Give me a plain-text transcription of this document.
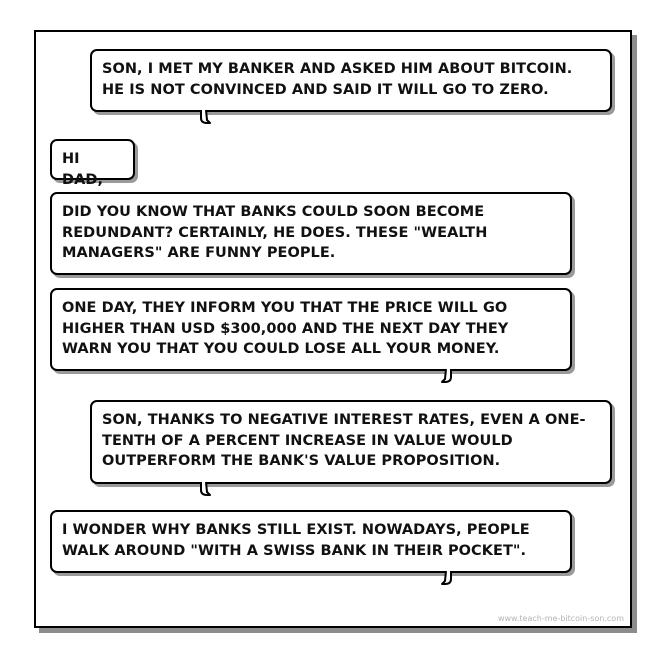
SON, I MET MY BANKER AND ASKED HIM ABOUT BITCOIN.
HE IS NOT CONVINCED AND SAID IT WILL GO TO ZERO.
HI DAD,
DID YOU KNOW THAT BANKS COULD SOON BECOME
REDUNDANT? CERTAINLY, HE DOES. THESE "WEALTH
MANAGERS" ARE FUNNY PEOPLE.
ONE DAY, THEY INFORM YOU THAT THE PRICE WILL GO
HIGHER THAN USD $300,000 AND THE NEXT DAY THEY
WARN YOU THAT YOU COULD LOSE ALL YOUR MONEY.
SON, THANKS TO NEGATIVE INTEREST RATES, EVEN A ONE-
TENTH OF A PERCENT INCREASE IN VALUE WOULD
OUTPERFORM THE BANK'S VALUE PROPOSITION.
I WONDER WHY BANKS STILL EXIST. NOWADAYS, PEOPLE
WALK AROUND "WITH A SWISS BANK IN THEIR POCKET".
www.teach-me-bitcoin-son.com
